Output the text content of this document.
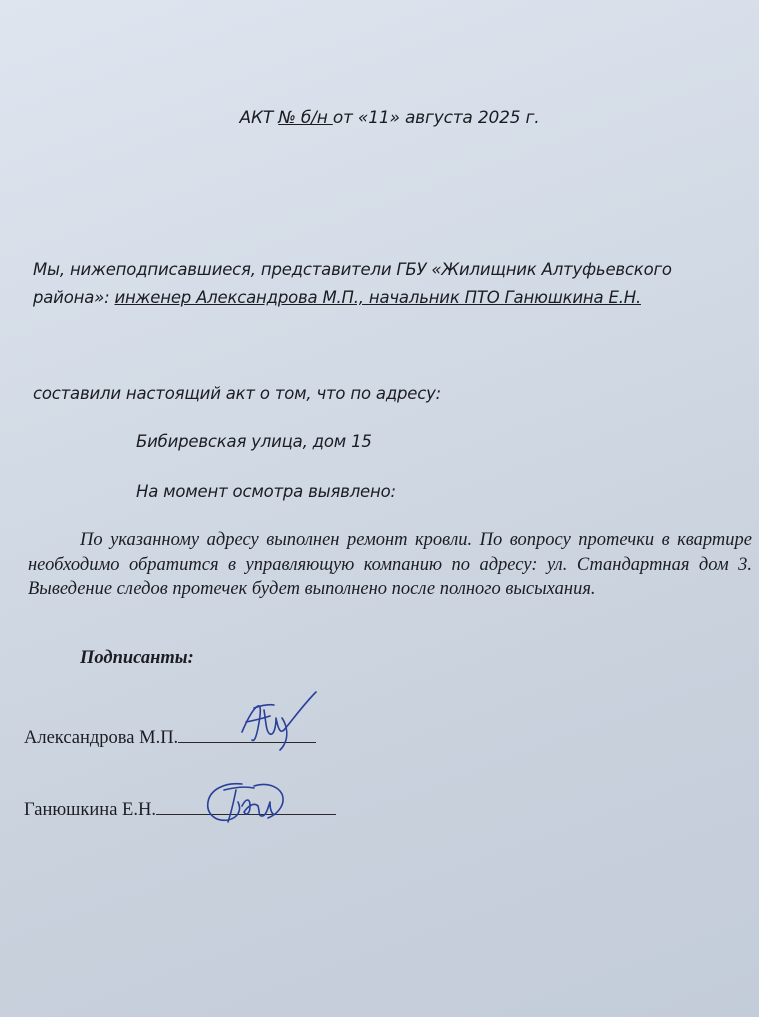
АКТ № б/н от «11» августа 2025 г.
Мы, нижеподписавшиеся, представители ГБУ «Жилищник Алтуфьевского
района»: инженер Александрова М.П., начальник ПТО Ганюшкина Е.Н.
составили настоящий акт о том, что по адресу:
Бибиревская улица, дом 15
На момент осмотра выявлено:
По указанному адресу выполнен ремонт кровли. По вопросу протечки в квартире необходимо обратится в управляющую компанию по адресу: ул. Стандартная дом 3. Выведение следов протечек будет выполнено после полного высыхания.
Подписанты:
Александрова М.П.
Ганюшкина Е.Н.
